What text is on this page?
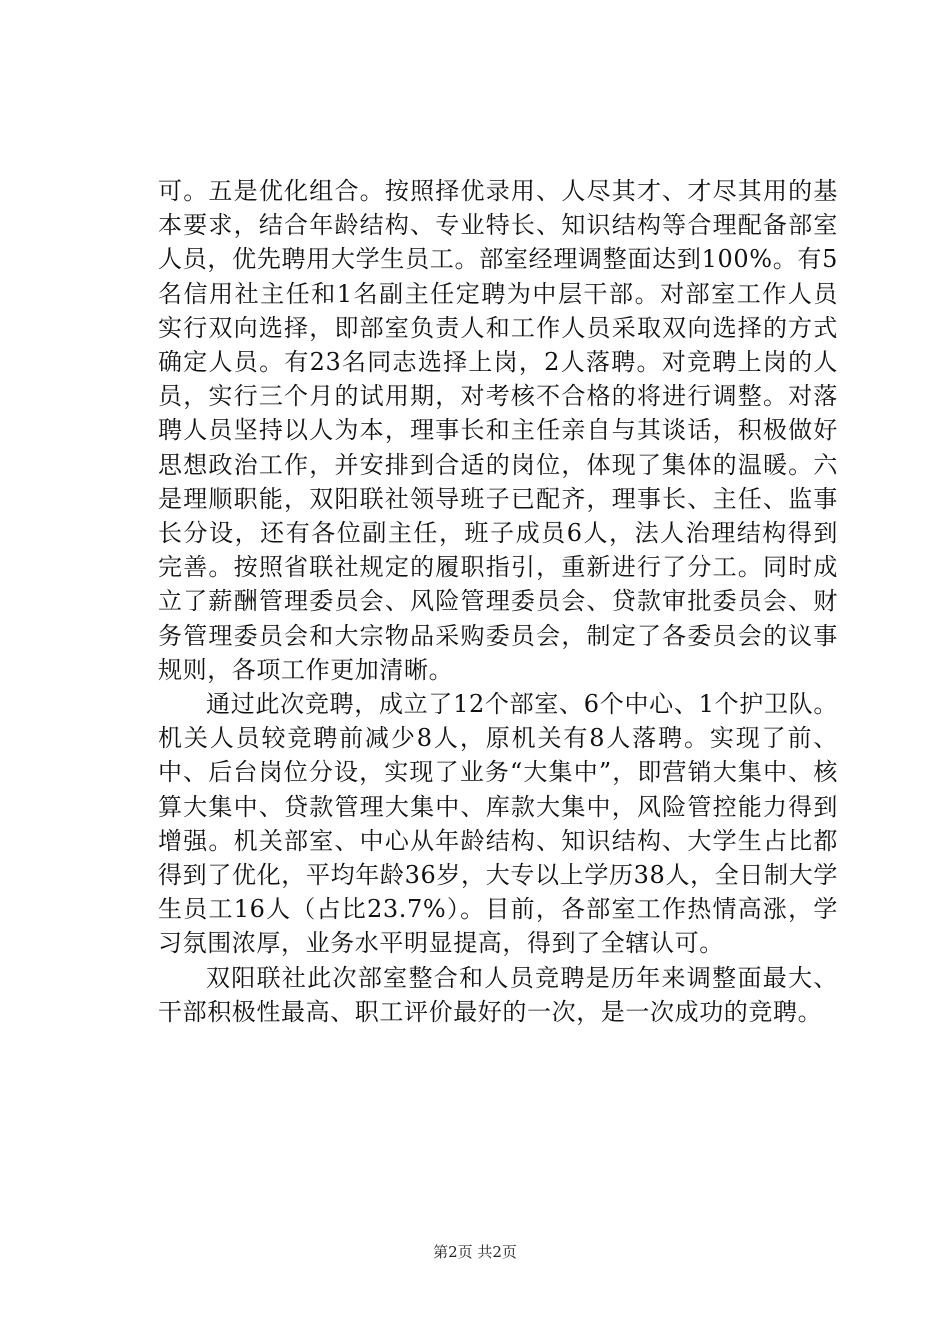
可。五是优化组合。按照择优录用、人尽其才、才尽其用的基本要求，结合年龄结构、专业特长、知识结构等合理配备部室人员，优先聘用大学生员工。部室经理调整面达到100%。有5名信用社主任和1名副主任定聘为中层干部。对部室工作人员实行双向选择，即部室负责人和工作人员采取双向选择的方式确定人员。有23名同志选择上岗，2人落聘。对竞聘上岗的人员，实行三个月的试用期，对考核不合格的将进行调整。对落聘人员坚持以人为本，理事长和主任亲自与其谈话，积极做好思想政治工作，并安排到合适的岗位，体现了集体的温暖。六是理顺职能，双阳联社领导班子已配齐，理事长、主任、监事长分设，还有各位副主任，班子成员6人，法人治理结构得到完善。按照省联社规定的履职指引，重新进行了分工。同时成立了薪酬管理委员会、风险管理委员会、贷款审批委员会、财务管理委员会和大宗物品采购委员会，制定了各委员会的议事规则，各项工作更加清晰。

通过此次竞聘，成立了12个部室、6个中心、1个护卫队。机关人员较竞聘前减少8人，原机关有8人落聘。实现了前、中、后台岗位分设，实现了业务“大集中”，即营销大集中、核算大集中、贷款管理大集中、库款大集中，风险管控能力得到增强。机关部室、中心从年龄结构、知识结构、大学生占比都得到了优化，平均年龄36岁，大专以上学历38人，全日制大学生员工16人（占比23.7%）。目前，各部室工作热情高涨，学习氛围浓厚，业务水平明显提高，得到了全辖认可。

双阳联社此次部室整合和人员竞聘是历年来调整面最大、干部积极性最高、职工评价最好的一次，是一次成功的竞聘。

第2页 共2页
